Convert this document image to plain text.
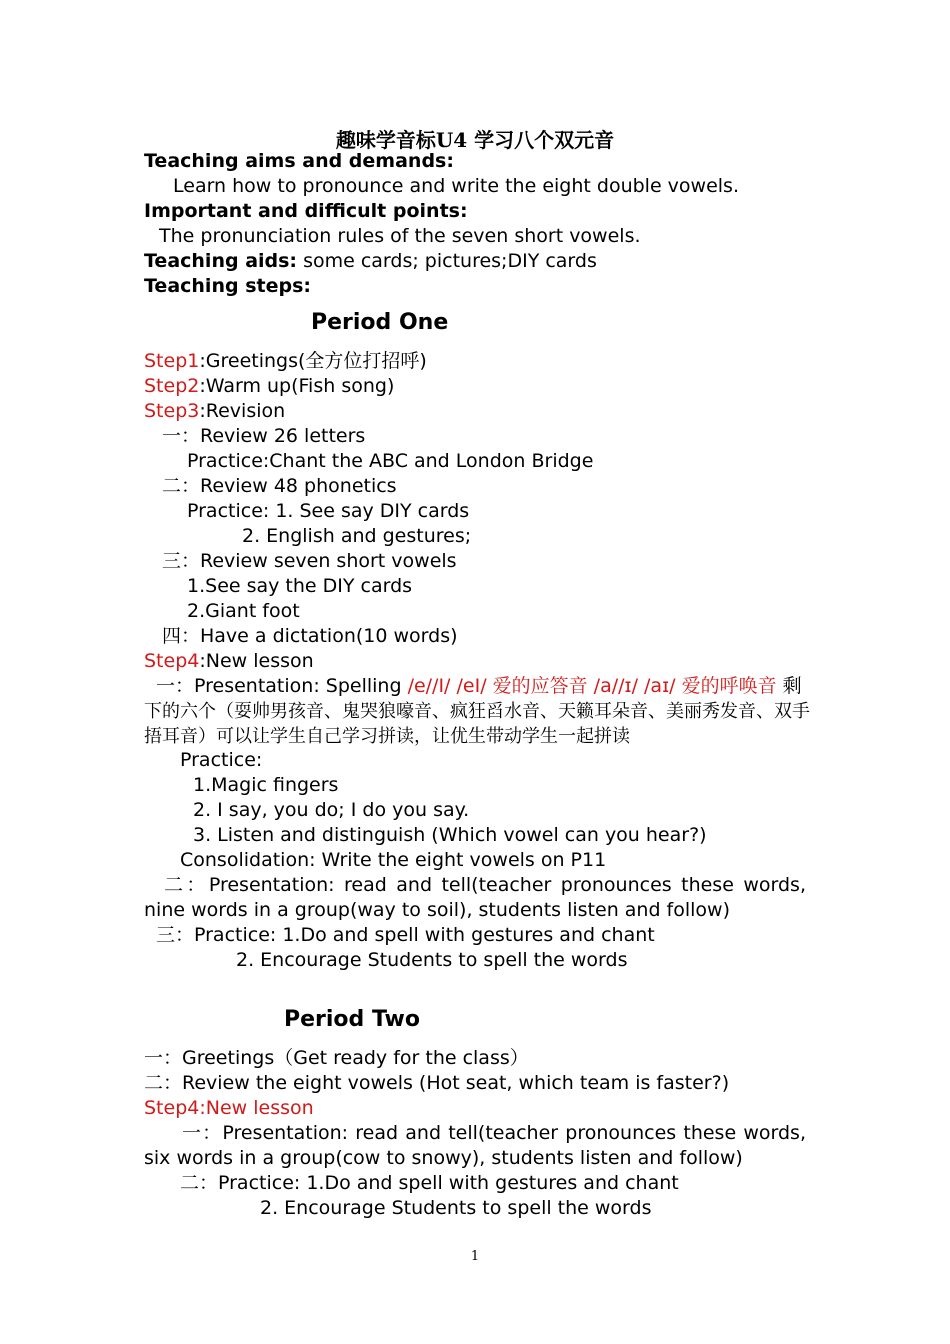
趣味学音标U4 学习八个双元音
Teaching aims and demands:
Learn how to pronounce and write the eight double vowels.
Important and difficult points:
The pronunciation rules of the seven short vowels.
Teaching aids: some cards; pictures;DIY cards
Teaching steps:
Period One
Step1:Greetings(全方位打招呼)
Step2:Warm up(Fish song)
Step3:Revision
一：Review 26 letters
Practice:Chant the ABC and London Bridge
二：Review 48 phonetics
Practice: 1. See say DIY cards
2. English and gestures;
三：Review seven short vowels
1.See say the DIY cards
2.Giant foot
四：Have a dictation(10 words)
Step4:New lesson
一：Presentation: Spelling /e//I/ /eI/ 爱的应答音 /a//ɪ/ /aɪ/ 爱的呼唤音 剩
下的六个（耍帅男孩音、鬼哭狼嚎音、疯狂舀水音、天籁耳朵音、美丽秀发音、双手
捂耳音）可以让学生自己学习拼读，让优生带动学生一起拼读
Practice:
1.Magic fingers
2. I say, you do; I do you say.
3. Listen and distinguish (Which vowel can you hear?)
Consolidation: Write the eight vowels on P11
二：Presentation: read and tell(teacher pronounces these words,
nine words in a group(way to soil), students listen and follow)
三：Practice: 1.Do and spell with gestures and chant
2. Encourage Students to spell the words
Period Two
一：Greetings（Get ready for the class）
二：Review the eight vowels (Hot seat, which team is faster?)
Step4:New lesson
一：Presentation: read and tell(teacher pronounces these words,
six words in a group(cow to snowy), students listen and follow)
二：Practice: 1.Do and spell with gestures and chant
2. Encourage Students to spell the words
1
